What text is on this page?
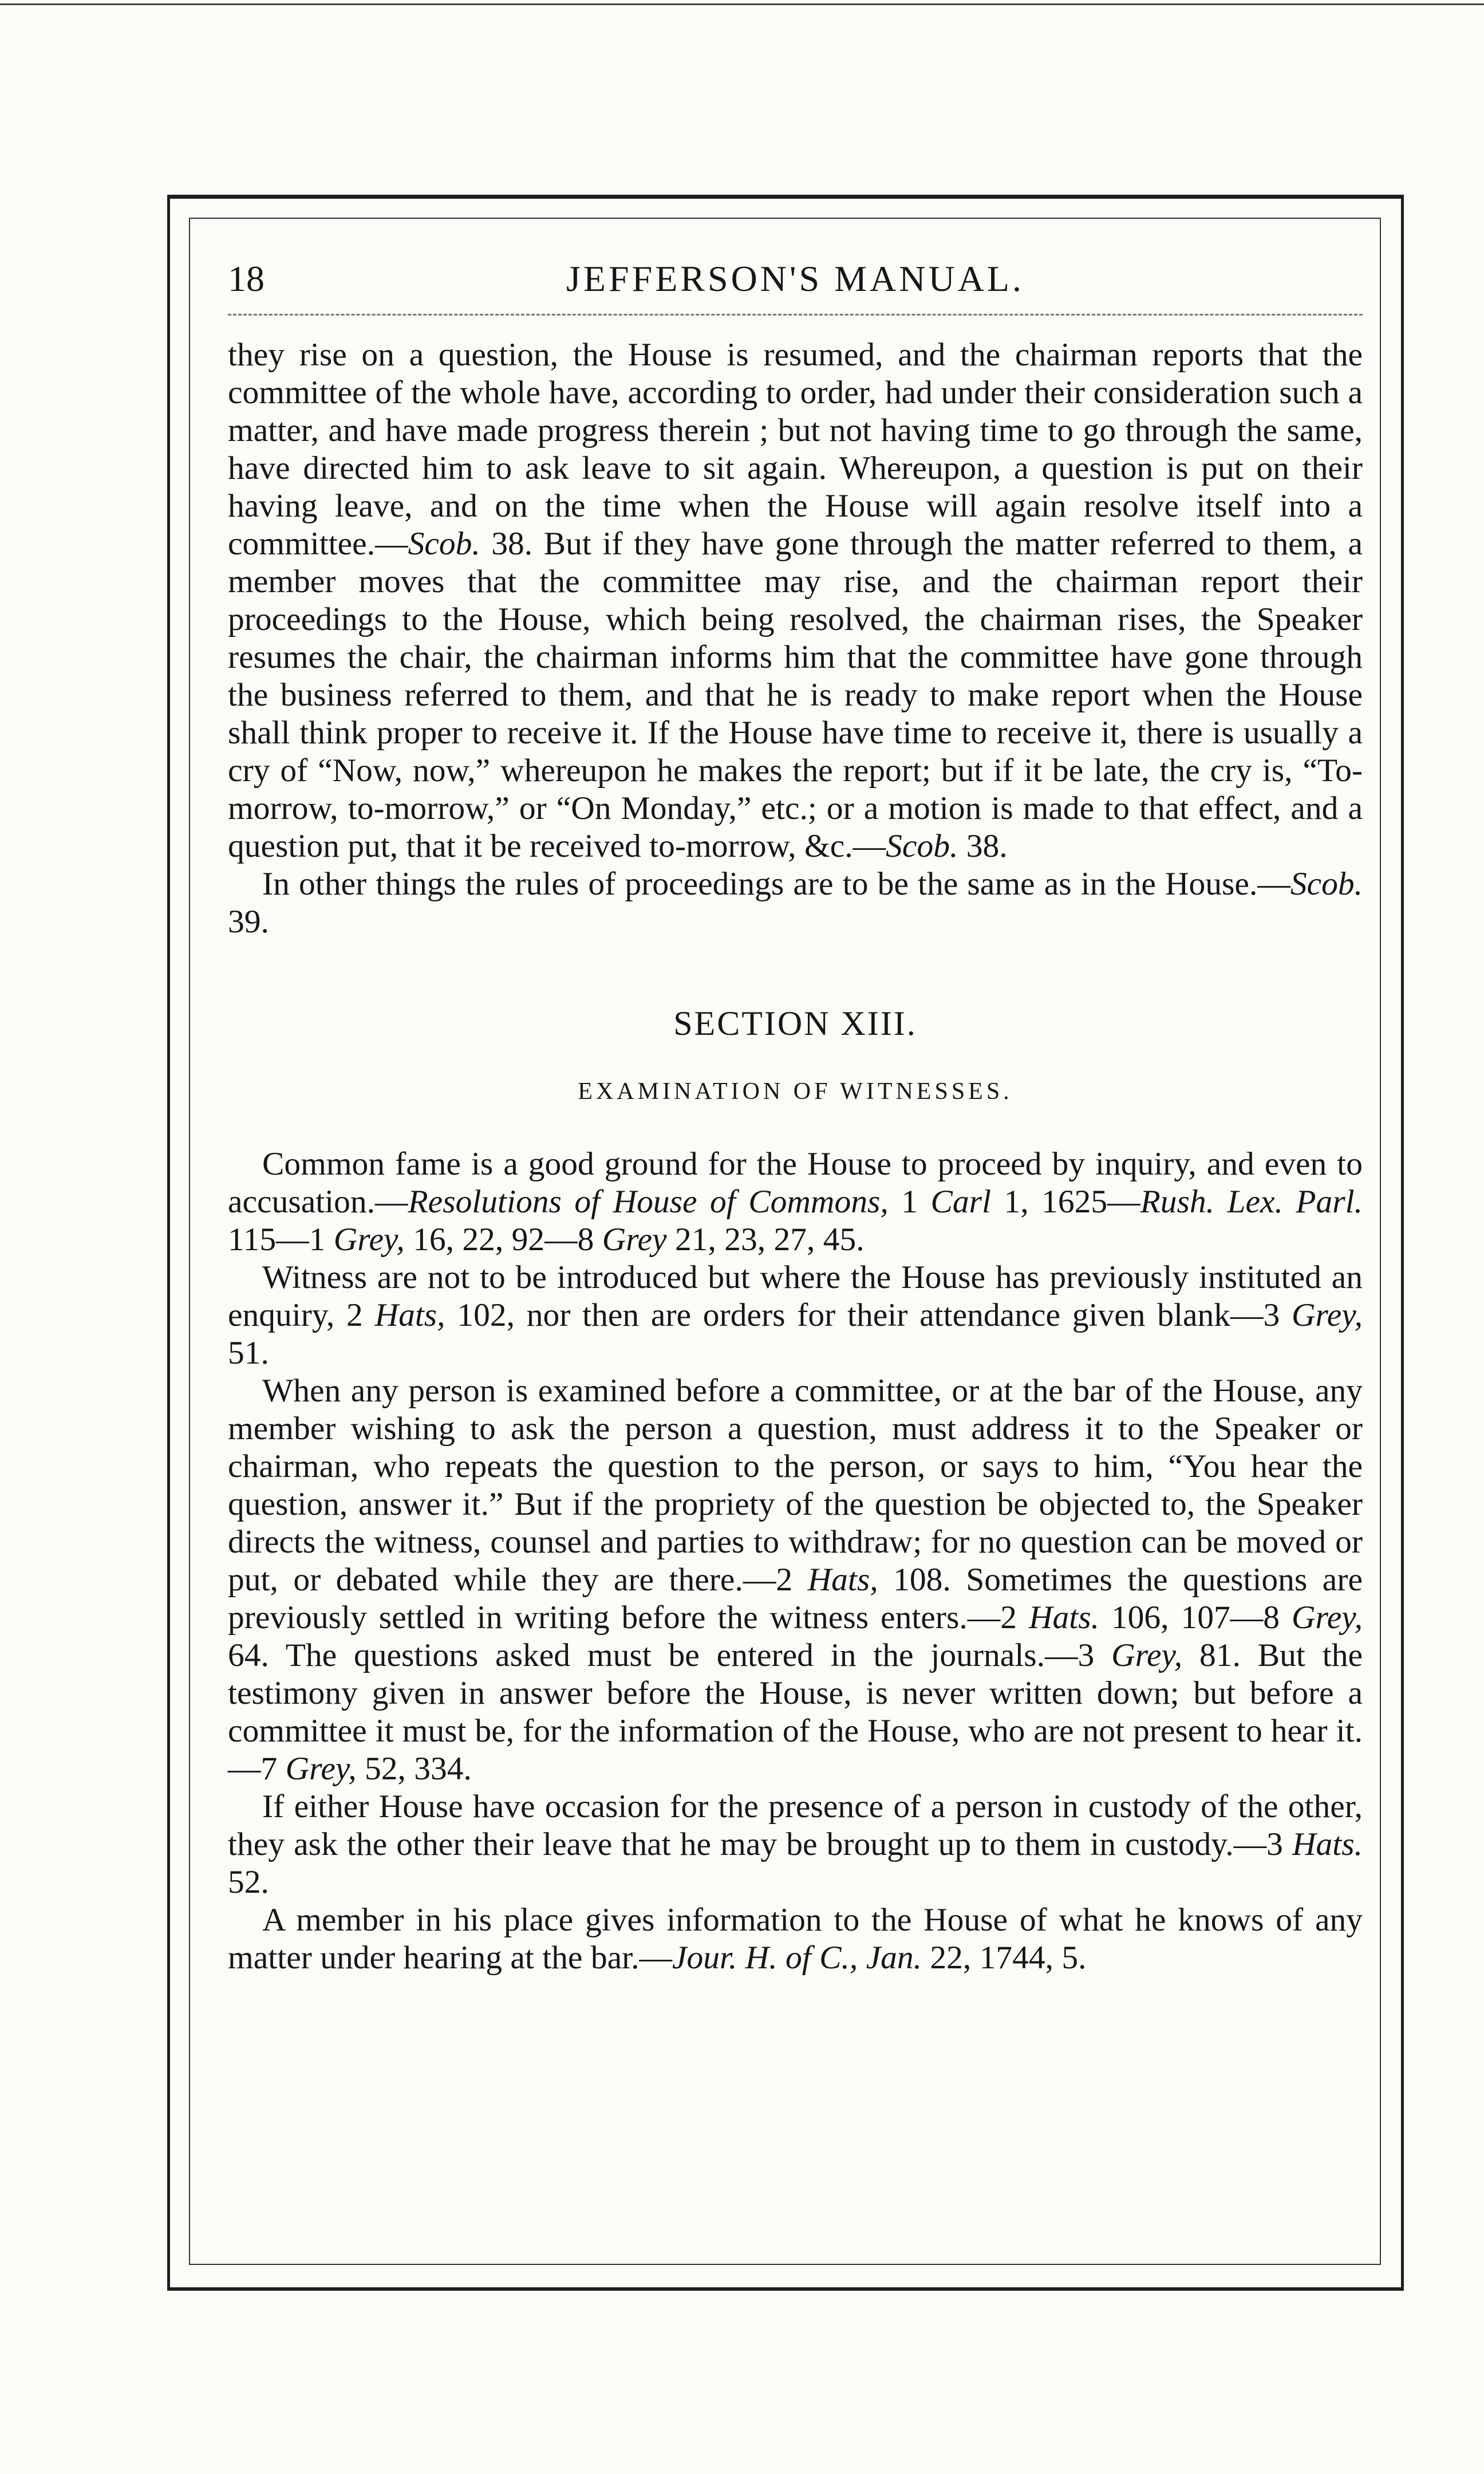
18	JEFFERSON'S MANUAL.

they rise on a question, the House is resumed, and the chairman reports that the committee of the whole have, according to order, had under their consideration such a matter, and have made progress therein ; but not having time to go through the same, have directed him to ask leave to sit again. Whereupon, a question is put on their having leave, and on the time when the House will again resolve itself into a committee.—Scob. 38. But if they have gone through the matter referred to them, a member moves that the committee may rise, and the chairman report their proceedings to the House, which being resolved, the chairman rises, the Speaker resumes the chair, the chairman informs him that the committee have gone through the business referred to them, and that he is ready to make report when the House shall think proper to receive it. If the House have time to receive it, there is usually a cry of “Now, now,” whereupon he makes the report; but if it be late, the cry is, “To-morrow, to-morrow,” or “On Monday,” etc.; or a motion is made to that effect, and a question put, that it be received to-morrow, &c.—Scob. 38.

In other things the rules of proceedings are to be the same as in the House.—Scob. 39.

SECTION XIII.
EXAMINATION OF WITNESSES.

Common fame is a good ground for the House to proceed by inquiry, and even to accusation.—Resolutions of House of Commons, 1 Carl 1, 1625—Rush. Lex. Parl. 115—1 Grey, 16, 22, 92—8 Grey 21, 23, 27, 45.

Witness are not to be introduced but where the House has previously instituted an enquiry, 2 Hats, 102, nor then are orders for their attendance given blank—3 Grey, 51.

When any person is examined before a committee, or at the bar of the House, any member wishing to ask the person a question, must address it to the Speaker or chairman, who repeats the question to the person, or says to him, “You hear the question, answer it.” But if the propriety of the question be objected to, the Speaker directs the witness, counsel and parties to withdraw; for no question can be moved or put, or debated while they are there.—2 Hats, 108. Sometimes the questions are previously settled in writing before the witness enters.—2 Hats. 106, 107—8 Grey, 64. The questions asked must be entered in the journals.—3 Grey, 81. But the testimony given in answer before the House, is never written down; but before a committee it must be, for the information of the House, who are not present to hear it.—7 Grey, 52, 334.

If either House have occasion for the presence of a person in custody of the other, they ask the other their leave that he may be brought up to them in custody.—3 Hats. 52.

A member in his place gives information to the House of what he knows of any matter under hearing at the bar.—Jour. H. of C., Jan. 22, 1744, 5.
